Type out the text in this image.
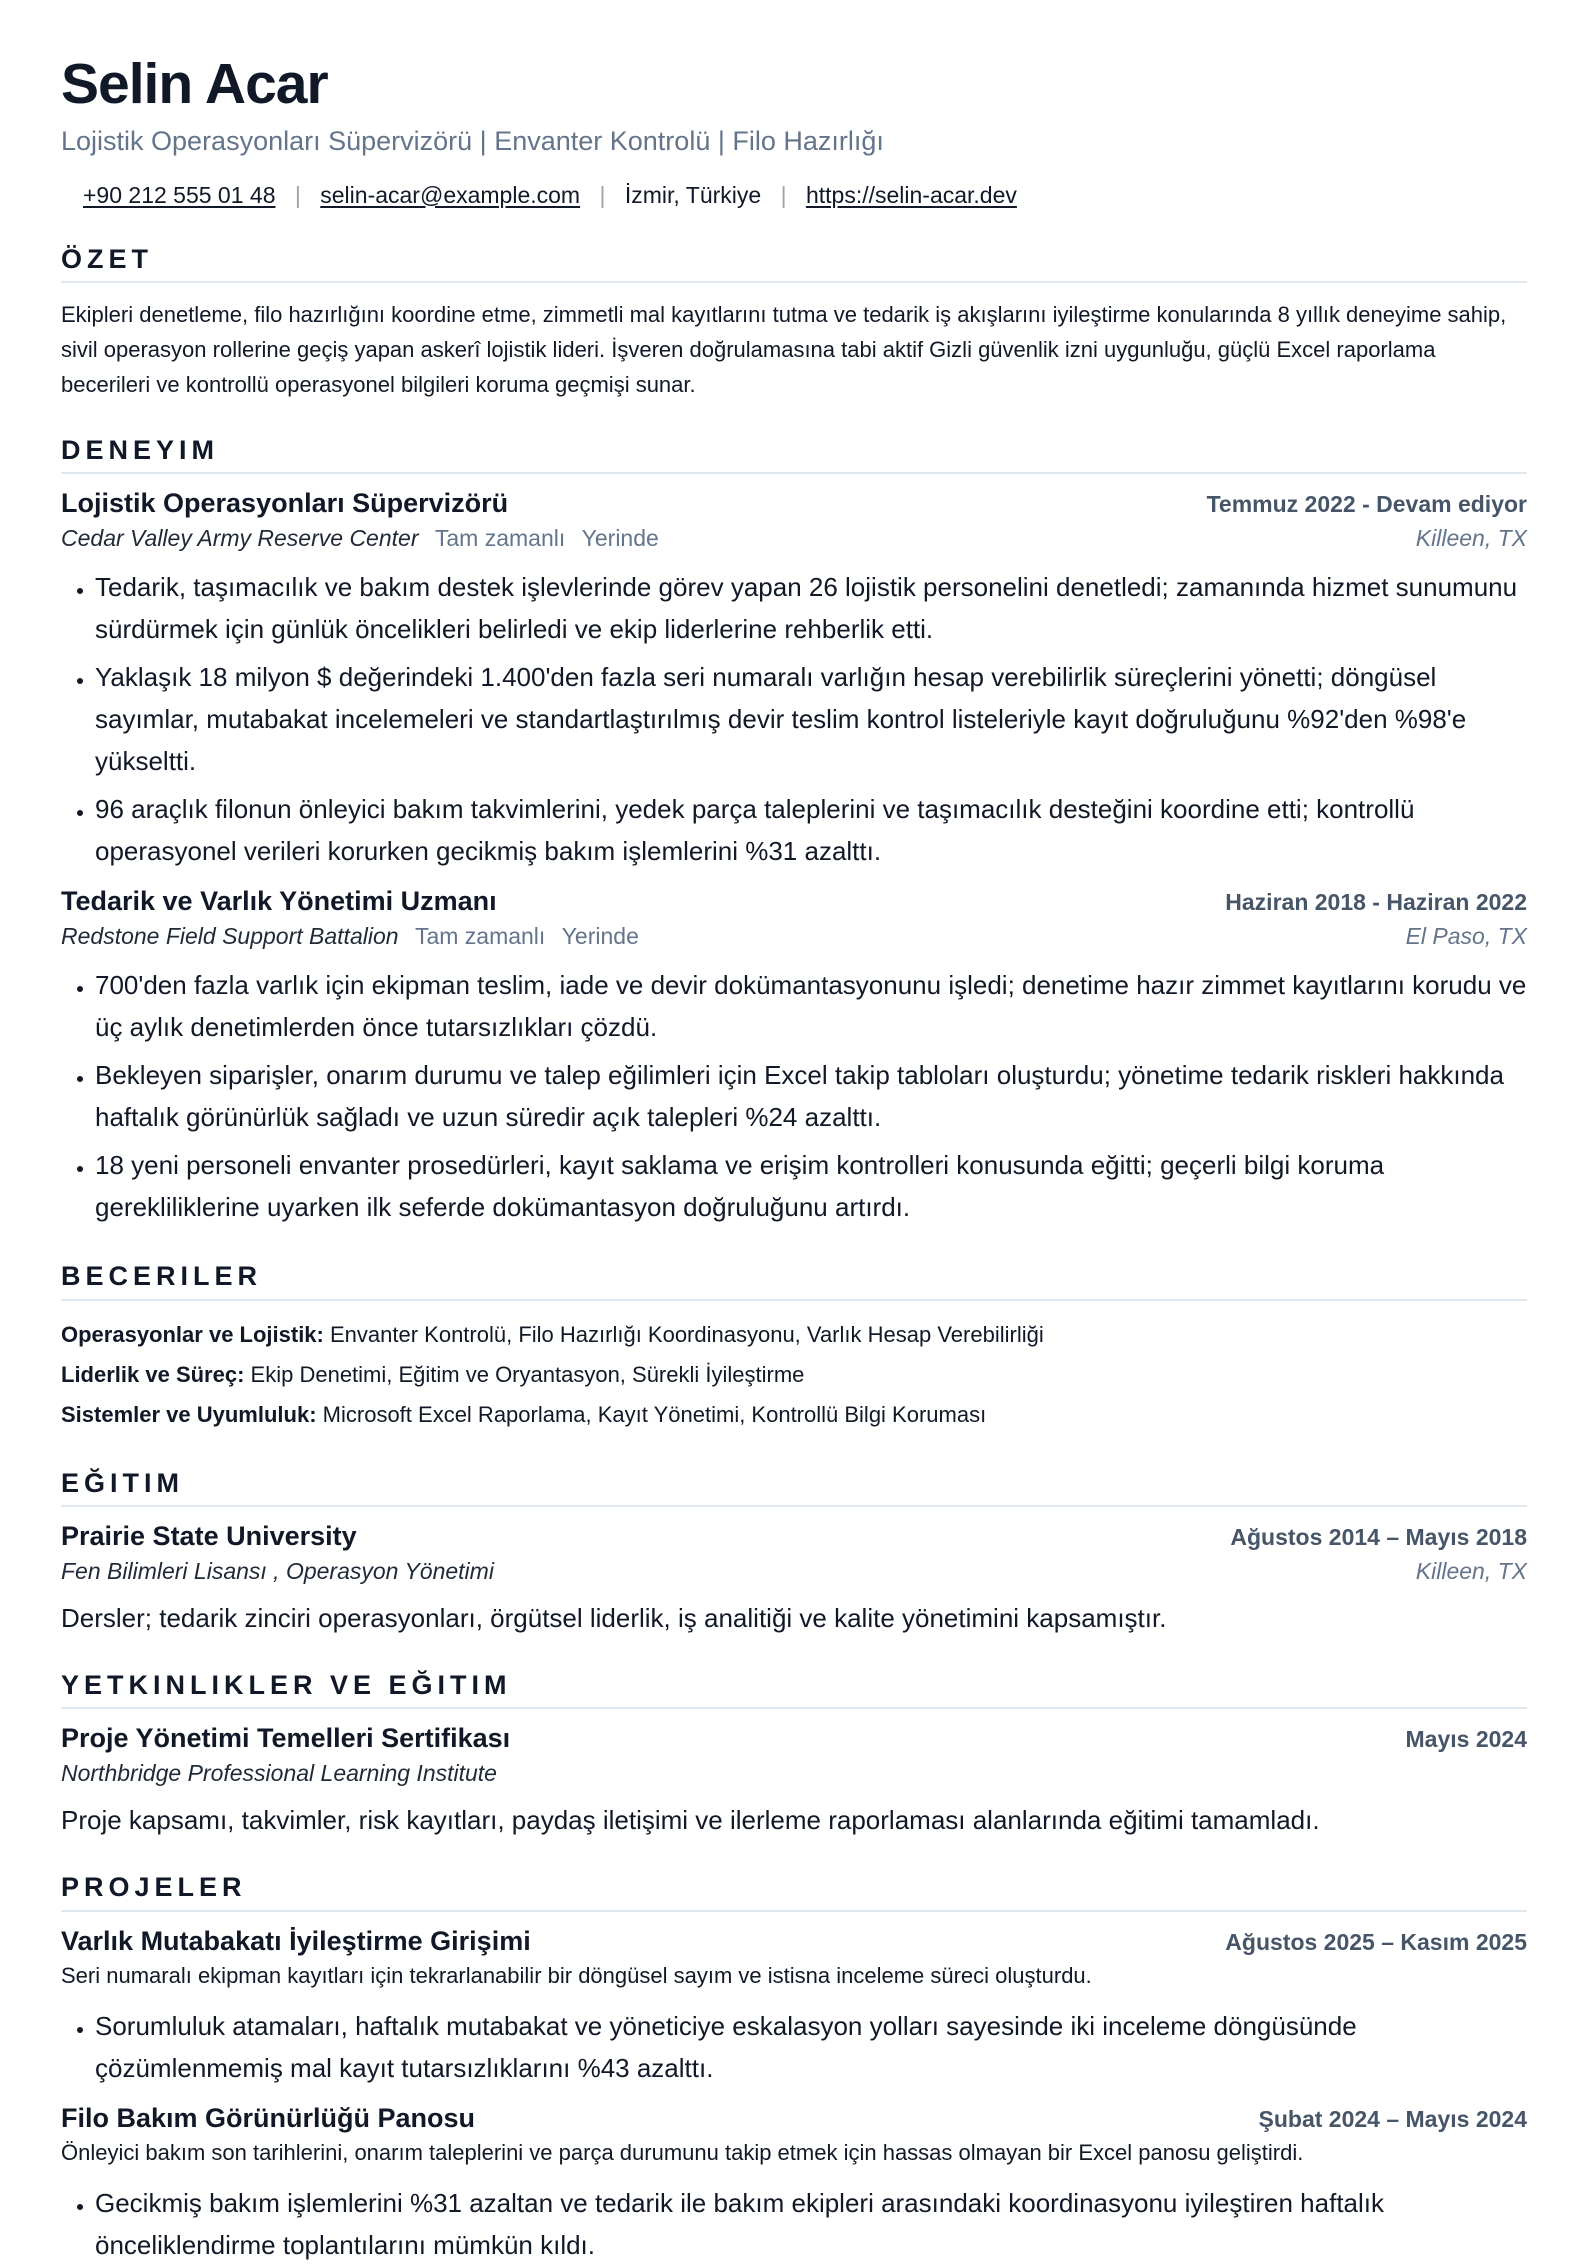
Selin Acar
Lojistik Operasyonları Süpervizörü | Envanter Kontrolü | Filo Hazırlığı
+90 212 555 01 48 | selin-acar@example.com | İzmir, Türkiye | https://selin-acar.dev
ÖZET

Ekipleri denetleme, filo hazırlığını koordine etme, zimmetli mal kayıtlarını tutma ve tedarik iş akışlarını iyileştirme konularında 8 yıllık deneyime sahip, sivil operasyon rollerine geçiş yapan askerî lojistik lideri. İşveren doğrulamasına tabi aktif Gizli güvenlik izni uygunluğu, güçlü Excel raporlama becerileri ve kontrollü operasyonel bilgileri koruma geçmişi sunar.

DENEYIM
Lojistik Operasyonları Süpervizörü	Temmuz 2022 - Devam ediyor
Cedar Valley Army Reserve Center Tam zamanlı Yerinde	Killeen, TX
• Tedarik, taşımacılık ve bakım destek işlevlerinde görev yapan 26 lojistik personelini denetledi; zamanında hizmet sunumunu sürdürmek için günlük öncelikleri belirledi ve ekip liderlerine rehberlik etti.
• Yaklaşık 18 milyon $ değerindeki 1.400'den fazla seri numaralı varlığın hesap verebilirlik süreçlerini yönetti; döngüsel sayımlar, mutabakat incelemeleri ve standartlaştırılmış devir teslim kontrol listeleriyle kayıt doğruluğunu %92'den %98'e yükseltti.
• 96 araçlık filonun önleyici bakım takvimlerini, yedek parça taleplerini ve taşımacılık desteğini koordine etti; kontrollü operasyonel verileri korurken gecikmiş bakım işlemlerini %31 azalttı.
Tedarik ve Varlık Yönetimi Uzmanı	Haziran 2018 - Haziran 2022
Redstone Field Support Battalion Tam zamanlı Yerinde	El Paso, TX
• 700'den fazla varlık için ekipman teslim, iade ve devir dokümantasyonunu işledi; denetime hazır zimmet kayıtlarını korudu ve üç aylık denetimlerden önce tutarsızlıkları çözdü.
• Bekleyen siparişler, onarım durumu ve talep eğilimleri için Excel takip tabloları oluşturdu; yönetime tedarik riskleri hakkında haftalık görünürlük sağladı ve uzun süredir açık talepleri %24 azalttı.
• 18 yeni personeli envanter prosedürleri, kayıt saklama ve erişim kontrolleri konusunda eğitti; geçerli bilgi koruma gerekliliklerine uyarken ilk seferde dokümantasyon doğruluğunu artırdı.
BECERILER
Operasyonlar ve Lojistik: Envanter Kontrolü, Filo Hazırlığı Koordinasyonu, Varlık Hesap Verebilirliği
Liderlik ve Süreç: Ekip Denetimi, Eğitim ve Oryantasyon, Sürekli İyileştirme
Sistemler ve Uyumluluk: Microsoft Excel Raporlama, Kayıt Yönetimi, Kontrollü Bilgi Koruması
EĞITIM
Prairie State University	Ağustos 2014 – Mayıs 2018
Fen Bilimleri Lisansı , Operasyon Yönetimi	Killeen, TX
Dersler; tedarik zinciri operasyonları, örgütsel liderlik, iş analitiği ve kalite yönetimini kapsamıştır.
YETKINLIKLER VE EĞITIM
Proje Yönetimi Temelleri Sertifikası	Mayıs 2024
Northbridge Professional Learning Institute
Proje kapsamı, takvimler, risk kayıtları, paydaş iletişimi ve ilerleme raporlaması alanlarında eğitimi tamamladı.
PROJELER
Varlık Mutabakatı İyileştirme Girişimi	Ağustos 2025 – Kasım 2025
Seri numaralı ekipman kayıtları için tekrarlanabilir bir döngüsel sayım ve istisna inceleme süreci oluşturdu.
• Sorumluluk atamaları, haftalık mutabakat ve yöneticiye eskalasyon yolları sayesinde iki inceleme döngüsünde çözümlenmemiş mal kayıt tutarsızlıklarını %43 azalttı.
Filo Bakım Görünürlüğü Panosu	Şubat 2024 – Mayıs 2024
Önleyici bakım son tarihlerini, onarım taleplerini ve parça durumunu takip etmek için hassas olmayan bir Excel panosu geliştirdi.
• Gecikmiş bakım işlemlerini %31 azaltan ve tedarik ile bakım ekipleri arasındaki koordinasyonu iyileştiren haftalık önceliklendirme toplantılarını mümkün kıldı.
